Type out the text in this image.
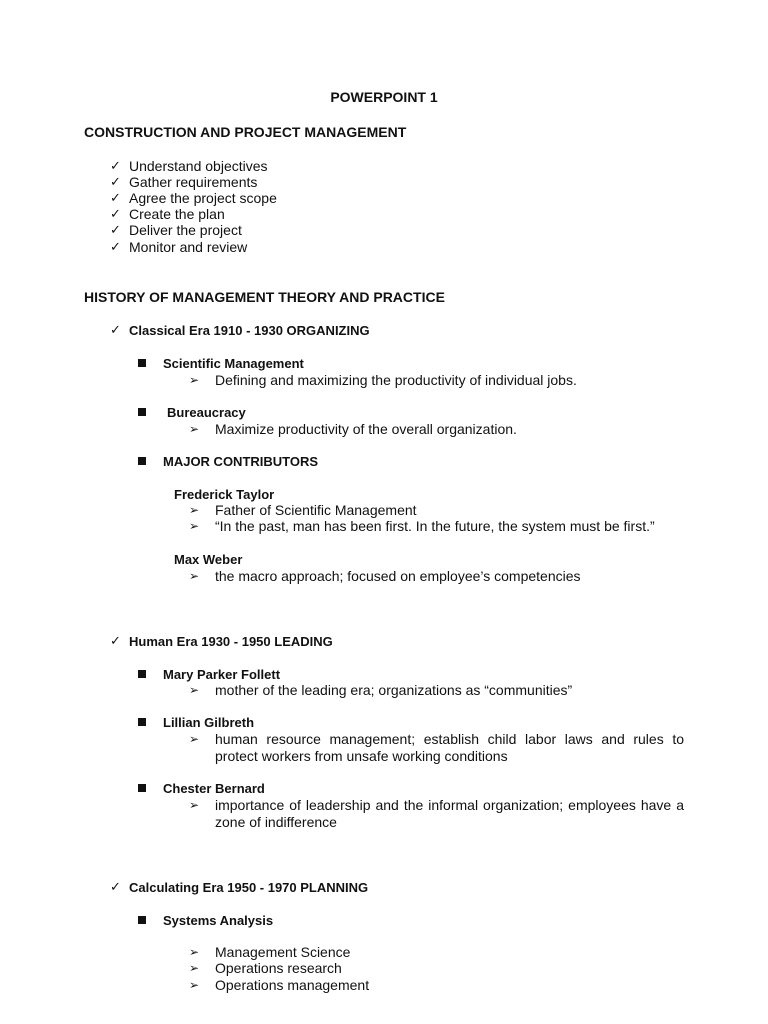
POWERPOINT 1
CONSTRUCTION AND PROJECT MANAGEMENT
✓ Understand objectives
✓ Gather requirements
✓ Agree the project scope
✓ Create the plan
✓ Deliver the project
✓ Monitor and review
HISTORY OF MANAGEMENT THEORY AND PRACTICE
✓ Classical Era 1910 - 1930 ORGANIZING
Scientific Management
➢ Defining and maximizing the productivity of individual jobs.
Bureaucracy
➢ Maximize productivity of the overall organization.
MAJOR CONTRIBUTORS
Frederick Taylor
➢ Father of Scientific Management
➢ “In the past, man has been first. In the future, the system must be first.”
Max Weber
➢ the macro approach; focused on employee’s competencies
✓ Human Era 1930 - 1950 LEADING
Mary Parker Follett
➢ mother of the leading era; organizations as “communities”
Lillian Gilbreth
➢ human resource management; establish child labor laws and rules to protect workers from unsafe working conditions
Chester Bernard
➢ importance of leadership and the informal organization; employees have a zone of indifference
✓ Calculating Era 1950 - 1970 PLANNING
Systems Analysis
➢ Management Science
➢ Operations research
➢ Operations management
